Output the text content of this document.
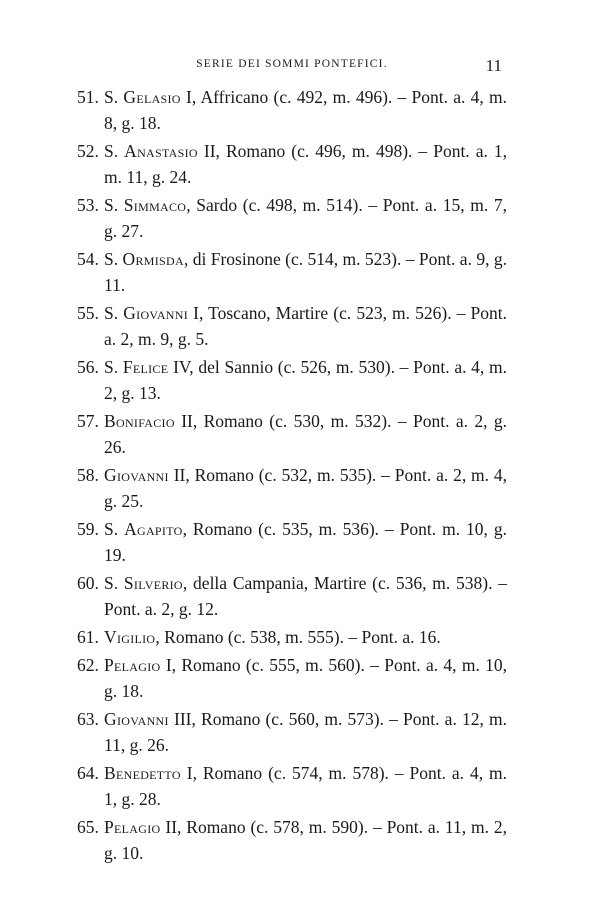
SERIE DEI SOMMI PONTEFICI.	11
51. S. Gelasio I, Affricano (c. 492, m. 496). – Pont. a. 4, m. 8, g. 18.
52. S. Anastasio II, Romano (c. 496, m. 498). – Pont. a. 1, m. 11, g. 24.
53. S. Simmaco, Sardo (c. 498, m. 514). – Pont. a. 15, m. 7, g. 27.
54. S. Ormisda, di Frosinone (c. 514, m. 523). – Pont. a. 9, g. 11.
55. S. Giovanni I, Toscano, Martire (c. 523, m. 526). – Pont. a. 2, m. 9, g. 5.
56. S. Felice IV, del Sannio (c. 526, m. 530). – Pont. a. 4, m. 2, g. 13.
57. Bonifacio II, Romano (c. 530, m. 532). – Pont. a. 2, g. 26.
58. Giovanni II, Romano (c. 532, m. 535). – Pont. a. 2, m. 4, g. 25.
59. S. Agapito, Romano (c. 535, m. 536). – Pont. m. 10, g. 19.
60. S. Silverio, della Campania, Martire (c. 536, m. 538). – Pont. a. 2, g. 12.
61. Vigilio, Romano (c. 538, m. 555). – Pont. a. 16.
62. Pelagio I, Romano (c. 555, m. 560). – Pont. a. 4, m. 10, g. 18.
63. Giovanni III, Romano (c. 560, m. 573). – Pont. a. 12, m. 11, g. 26.
64. Benedetto I, Romano (c. 574, m. 578). – Pont. a. 4, m. 1, g. 28.
65. Pelagio II, Romano (c. 578, m. 590). – Pont. a. 11, m. 2, g. 10.
